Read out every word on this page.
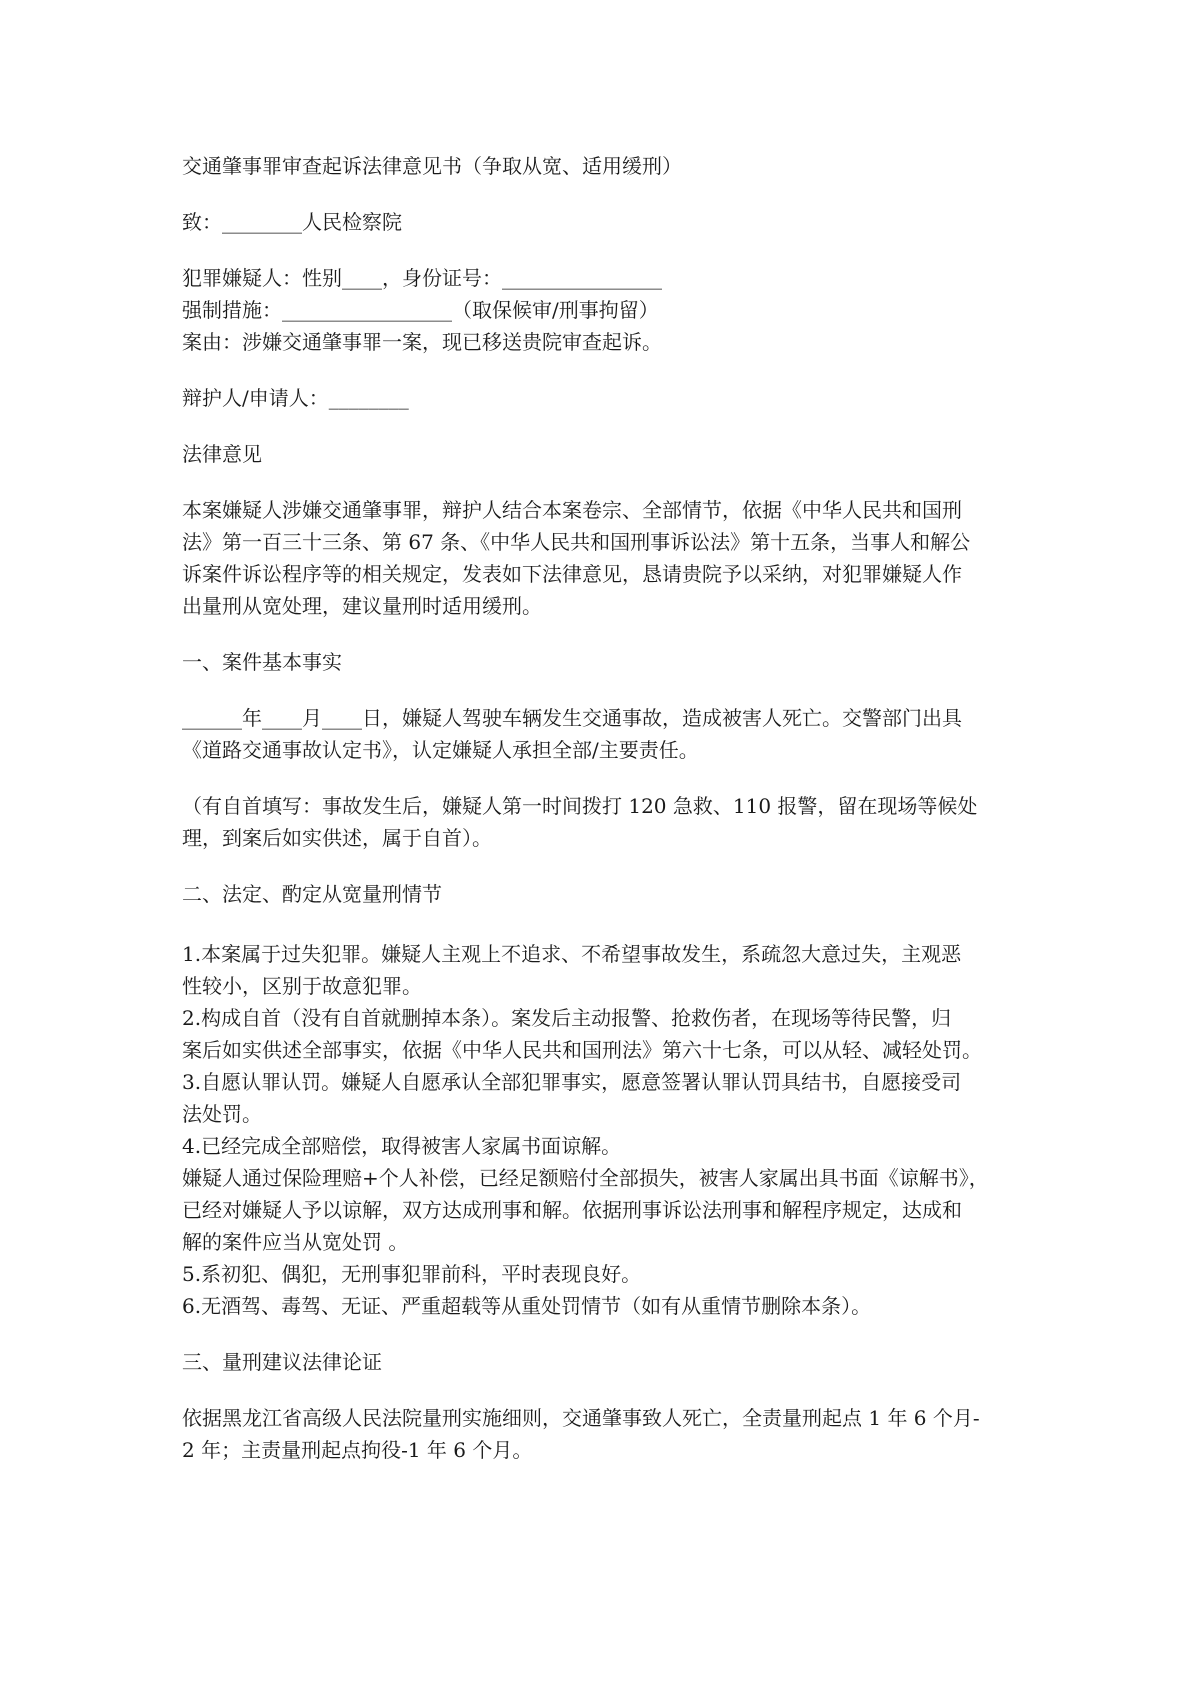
交通肇事罪审查起诉法律意见书（争取从宽、适用缓刑）
致：________人民检察院
犯罪嫌疑人：性别____，身份证号：________________
强制措施：_________________（取保候审/刑事拘留）
案由：涉嫌交通肇事罪一案，现已移送贵院审查起诉。
辩护人/申请人：________
法律意见
本案嫌疑人涉嫌交通肇事罪，辩护人结合本案卷宗、全部情节，依据《中华人民共和国刑
法》第一百三十三条、第 67 条、《中华人民共和国刑事诉讼法》第十五条，当事人和解公
诉案件诉讼程序等的相关规定，发表如下法律意见，恳请贵院予以采纳，对犯罪嫌疑人作
出量刑从宽处理，建议量刑时适用缓刑。
一、案件基本事实
______年____月____日，嫌疑人驾驶车辆发生交通事故，造成被害人死亡。交警部门出具
《道路交通事故认定书》，认定嫌疑人承担全部/主要责任。
（有自首填写：事故发生后，嫌疑人第一时间拨打 120 急救、110 报警，留在现场等候处
理，到案后如实供述，属于自首）。
二、法定、酌定从宽量刑情节
1.本案属于过失犯罪。嫌疑人主观上不追求、不希望事故发生，系疏忽大意过失，主观恶
性较小，区别于故意犯罪。
2.构成自首（没有自首就删掉本条）。案发后主动报警、抢救伤者，在现场等待民警，归
案后如实供述全部事实，依据《中华人民共和国刑法》第六十七条，可以从轻、减轻处罚。
3.自愿认罪认罚。嫌疑人自愿承认全部犯罪事实，愿意签署认罪认罚具结书，自愿接受司
法处罚。
4.已经完成全部赔偿，取得被害人家属书面谅解。
嫌疑人通过保险理赔+个人补偿，已经足额赔付全部损失，被害人家属出具书面《谅解书》，
已经对嫌疑人予以谅解，双方达成刑事和解。依据刑事诉讼法刑事和解程序规定，达成和
解的案件应当从宽处罚 。
5.系初犯、偶犯，无刑事犯罪前科，平时表现良好。
6.无酒驾、毒驾、无证、严重超载等从重处罚情节（如有从重情节删除本条）。
三、量刑建议法律论证
依据黑龙江省高级人民法院量刑实施细则，交通肇事致人死亡，全责量刑起点 1 年 6 个月-
2 年；主责量刑起点拘役-1 年 6 个月。
